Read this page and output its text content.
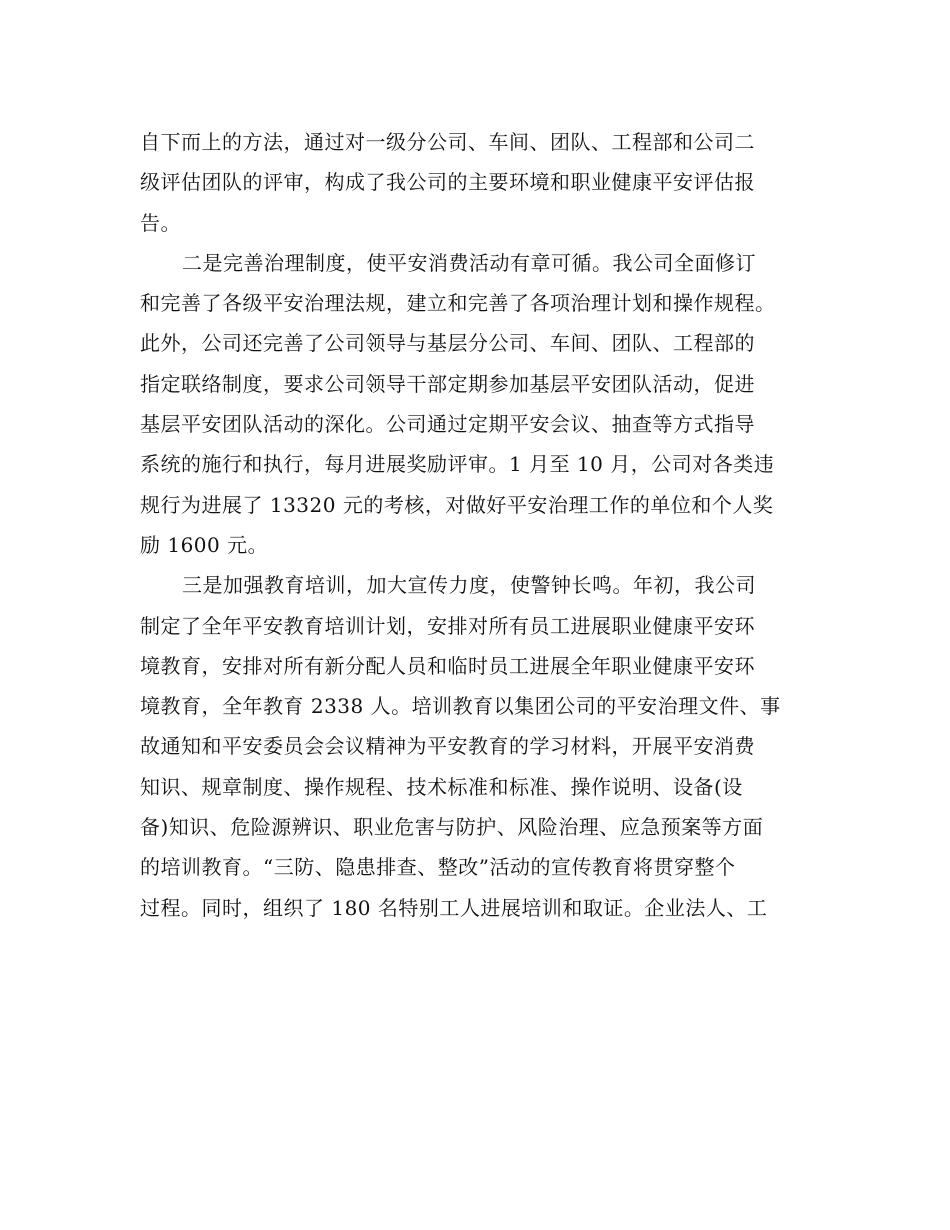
自下而上的方法，通过对一级分公司、车间、团队、工程部和公司二
级评估团队的评审，构成了我公司的主要环境和职业健康平安评估报
告。
二是完善治理制度，使平安消费活动有章可循。我公司全面修订
和完善了各级平安治理法规，建立和完善了各项治理计划和操作规程。
此外，公司还完善了公司领导与基层分公司、车间、团队、工程部的
指定联络制度，要求公司领导干部定期参加基层平安团队活动，促进
基层平安团队活动的深化。公司通过定期平安会议、抽查等方式指导
系统的施行和执行，每月进展奖励评审。1 月至 10 月，公司对各类违
规行为进展了 13320 元的考核，对做好平安治理工作的单位和个人奖
励 1600 元。
三是加强教育培训，加大宣传力度，使警钟长鸣。年初，我公司
制定了全年平安教育培训计划，安排对所有员工进展职业健康平安环
境教育，安排对所有新分配人员和临时员工进展全年职业健康平安环
境教育，全年教育 2338 人。培训教育以集团公司的平安治理文件、事
故通知和平安委员会会议精神为平安教育的学习材料，开展平安消费
知识、规章制度、操作规程、技术标准和标准、操作说明、设备(设
备)知识、危险源辨识、职业危害与防护、风险治理、应急预案等方面
的培训教育。“三防、隐患排查、整改”活动的宣传教育将贯穿整个
过程。同时，组织了 180 名特别工人进展培训和取证。企业法人、工
